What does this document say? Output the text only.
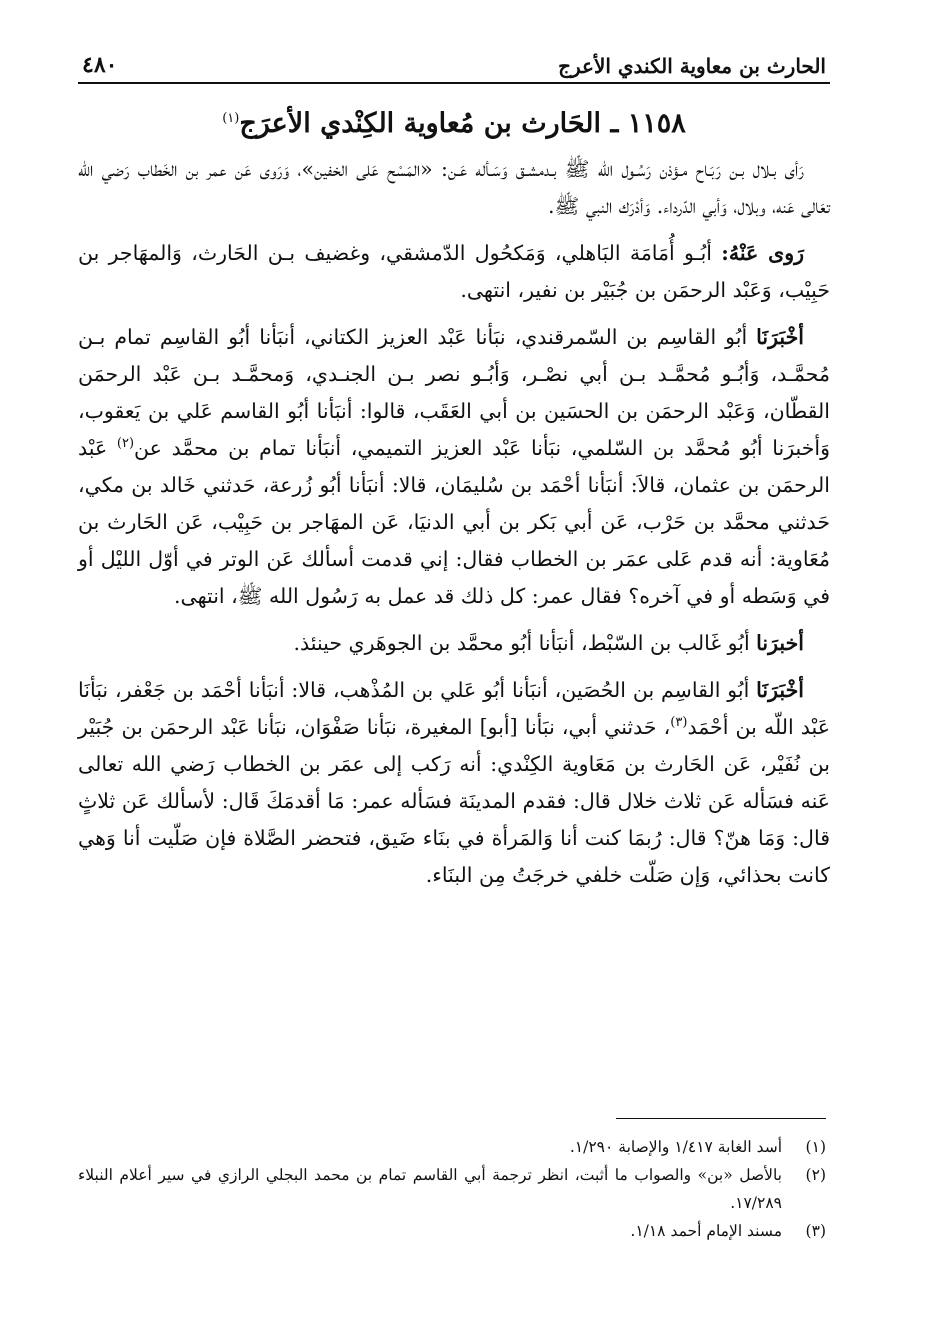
الحارث بن معاوية الكندي الأعرج
٤٨٠
١١٥٨ ـ الحَارث بن مُعاوية الكِنْدي الأعرَج$^{(١)}$

رَأى بـلال بـن رَبَـاح مـؤذن رَسُـول الله ﷺ بـدمشـق وَسَـأله عَـن: «المَسْح عَلى الخفين»، وَرَوى عَن عمر بن الخَطاب رَضي الله تعَالى عَنه، وبلال، وَأبي الدّرداء. وَأدْرَك النبي ﷺ.

رَوى عَنْهُ: أبُـو أُمَامَة البَاهلي، وَمَكحُول الدّمشقي، وغضيف بـن الحَارث، وَالمهَاجر بن حَبِيْب، وَعَبْد الرحمَن بن جُبَيْر بن نفير، انتهى.

أخْبَرَنَا أبُو القاسِم بن السّمرقندي، نبَأنا عَبْد العزيز الكتاني، أنبَأنا أبُو القاسِم تمام بـن مُحمَّـد، وَأبُـو مُحمَّـد بـن أبي نصْـر، وَأبُـو نصر بـن الجنـدي، وَمحمَّـد بـن عَبْد الرحمَن القطّان، وَعَبْد الرحمَن بن الحسَين بن أبي العَقَب، قالوا: أنبَأنا أبُو القاسم عَلي بن يَعقوب، وَأخبرَنا أبُو مُحمَّد بن السّلمي، نبَأنا عَبْد العزيز التميمي، أنبَأنا تمام بن محمَّد عن$^{(٢)}$ عَبْد الرحمَن بن عثمان، قالاَ: أنبَأنا أحْمَد بن سُليمَان، قالا: أنبَأنا أبُو زُرعة، حَدثني خَالد بن مكي، حَدثني محمَّد بن حَرْب، عَن أبي بَكر بن أبي الدنيَا، عَن المهَاجر بن حَبِيْب، عَن الحَارث بن مُعَاوية: أنه قدم عَلى عمَر بن الخطاب فقال: إني قدمت أسألك عَن الوتر في أوّل الليْل أو في وَسَطه أو في آخره؟ فقال عمر: كل ذلك قد عمل به رَسُول الله ﷺ، انتهى.

أخبرَنا أبُو غَالب بن السّبْط، أنبَأنا أبُو محمَّد بن الجوهَري حينئذ.

أخْبَرَنَا أبُو القاسِم بن الحُصَين، أنبَأنا أبُو عَلي بن المُذْهب، قالا: أنبَأنا أحْمَد بن جَعْفر، نبَأنَا عَبْد اللّه بن أحْمَد$^{(٣)}$، حَدثني أبي، نبَأنا [أبو] المغيرة، نبَأنا صَفْوَان، نبَأنا عَبْد الرحمَن بن جُبَيْر بن نُفَيْر، عَن الحَارث بن مَعَاوية الكِنْدي: أنه رَكب إلى عمَر بن الخطاب رَضي الله تعالى عَنه فسَأله عَن ثلاث خلال قال: فقدم المدينَة فسَأله عمر: مَا أقدمَكَ قَال: لأسألك عَن ثلاثٍ قال: وَمَا هنّ؟ قال: رُبمَا كنت أنا وَالمَرأة في بنَاء ضَيق، فتحضر الصَّلاة فإن صَلّيت أنا وَهي كانت بحذائي، وَإن صَلّت خلفي خرجَتُ مِن البنَاء.

(١)
أسد الغابة ١/٤١٧ والإصابة ١/٢٩٠.
(٢)
بالأصل «بن» والصواب ما أثبت، انظر ترجمة أبي القاسم تمام بن محمد البجلي الرازي في سير أعلام النبلاء ١٧/٢٨٩.
(٣)
مسند الإمام أحمد ١/١٨.
